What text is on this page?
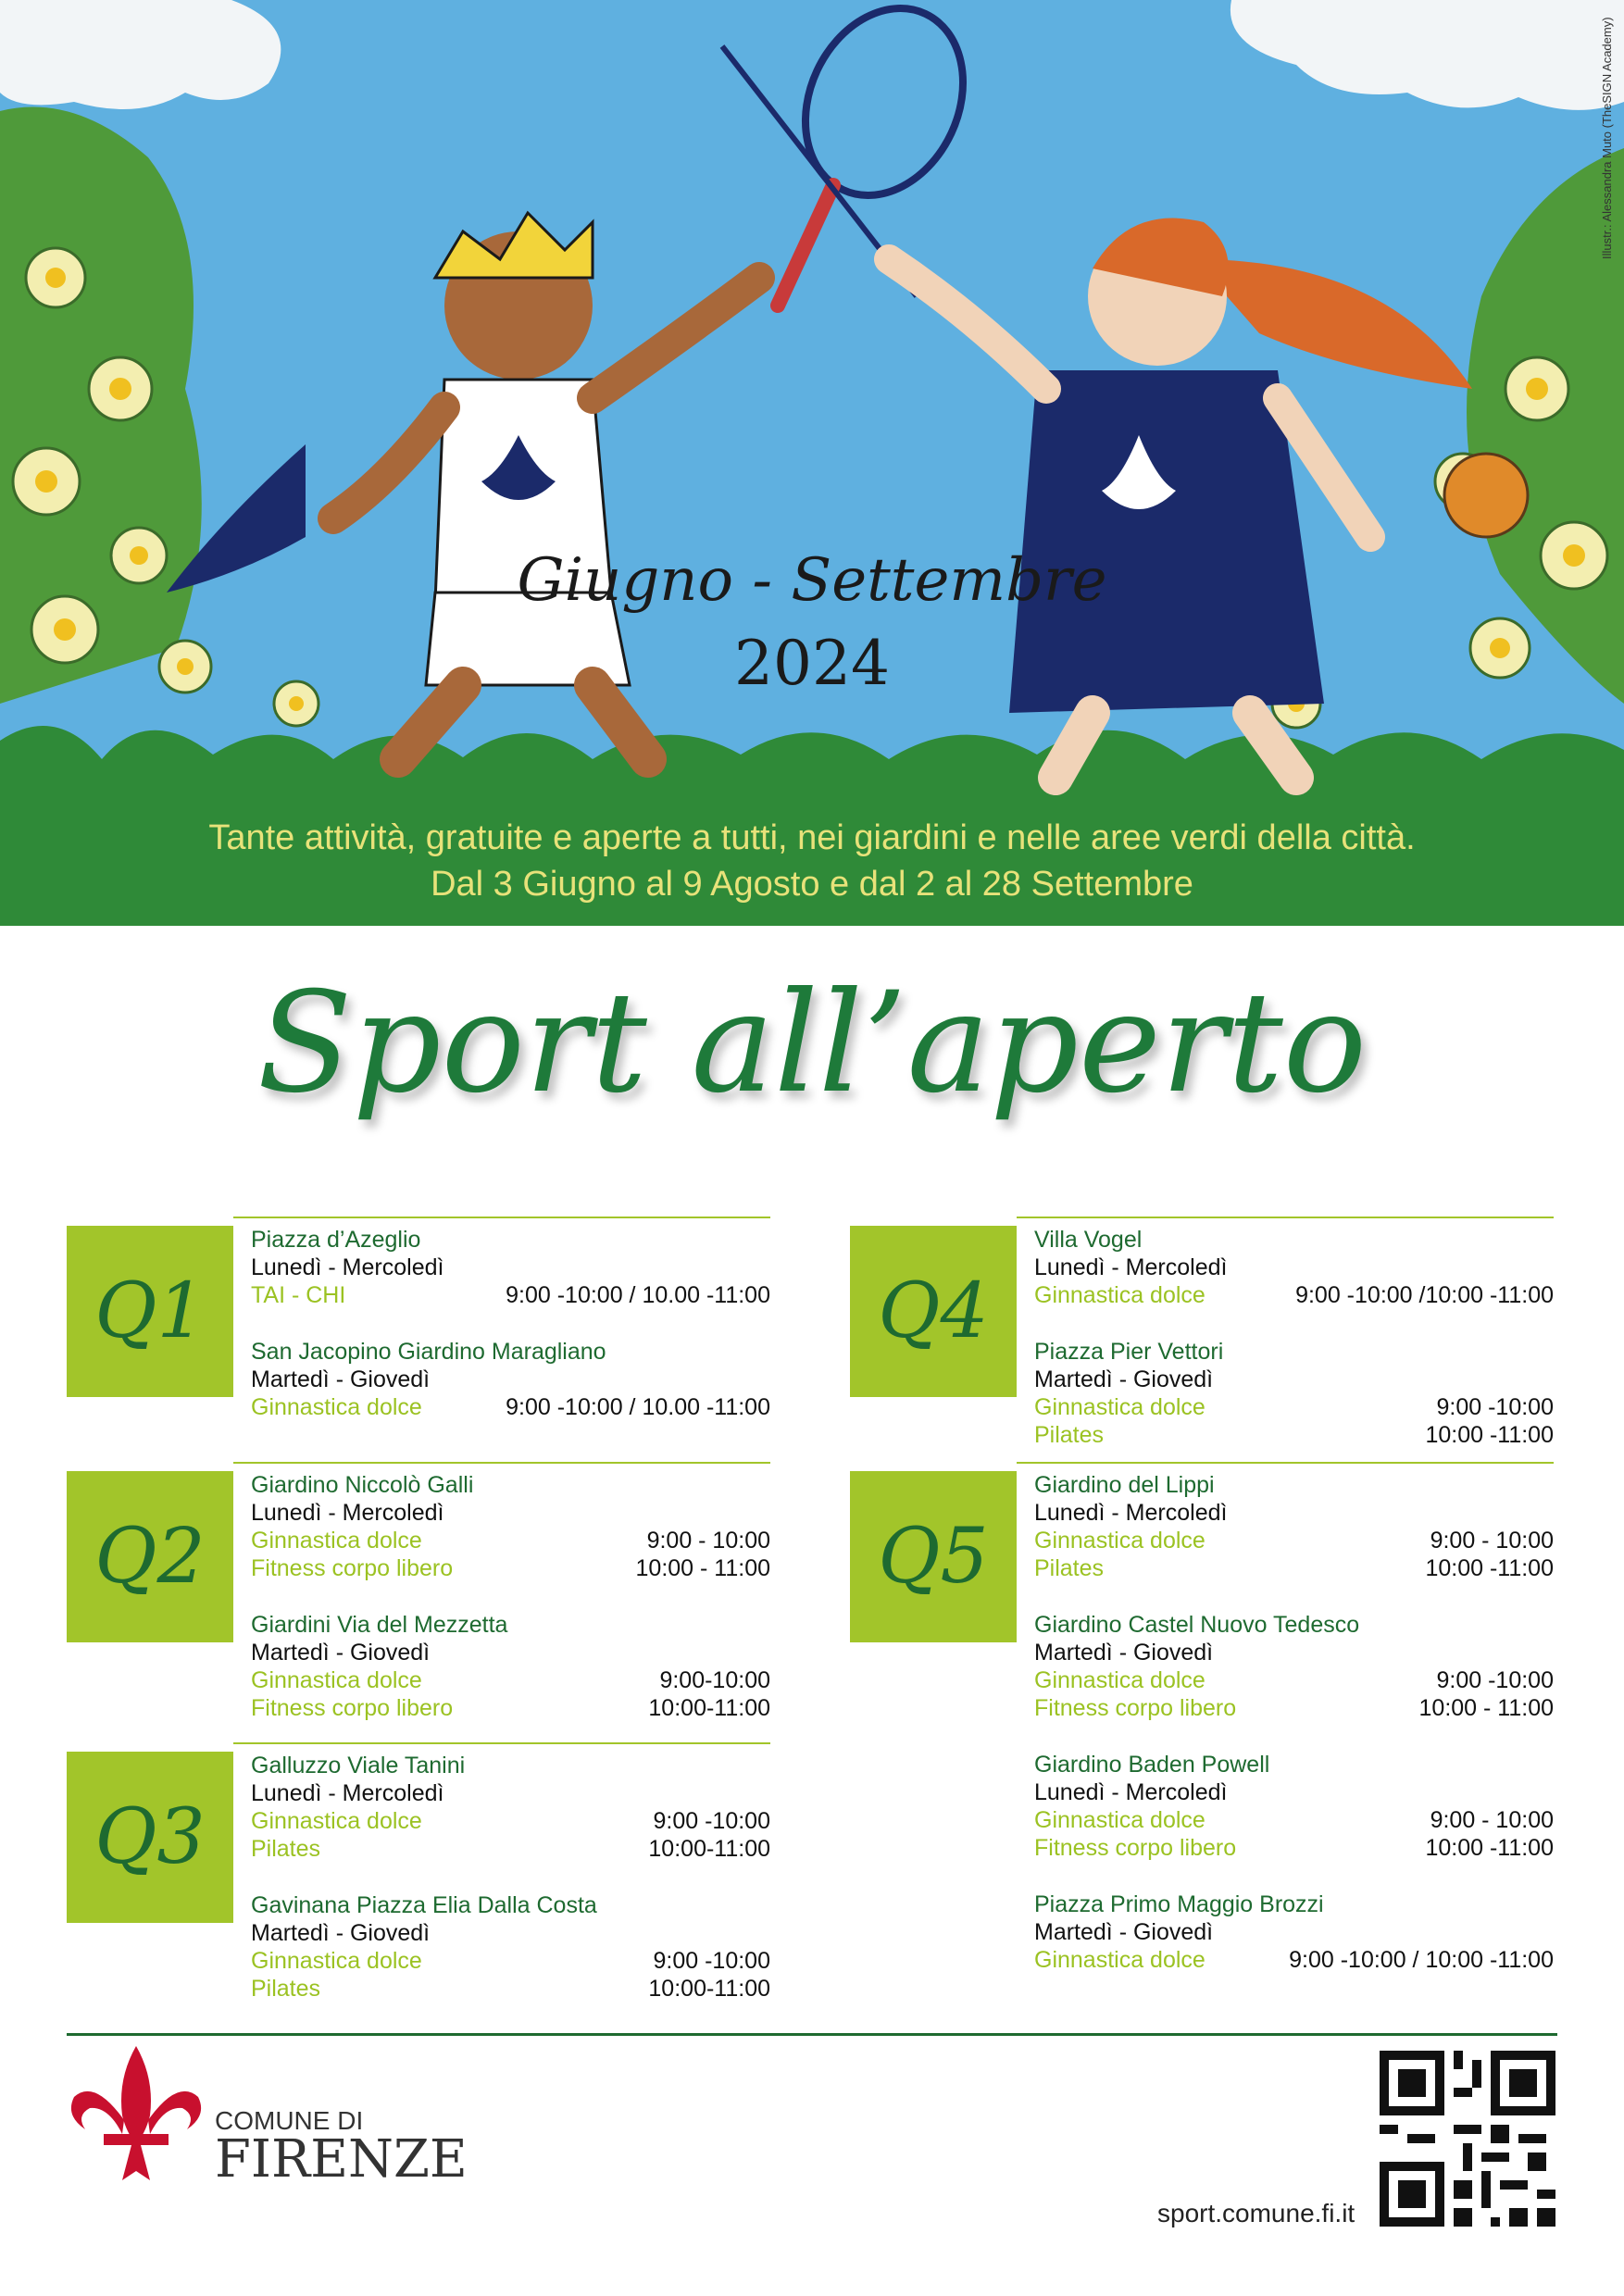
Giugno - Settembre
2024
Tante attività, gratuite e aperte a tutti, nei giardini e nelle aree verdi della città.
Dal 3 Giugno al 9 Agosto e dal 2 al 28 Settembre
Illustr.: Alessandra Muto (TheSIGN Academy)
Sport all’aperto
Q1
Piazza d’Azeglio
Lunedì - Mercoledì
TAI - CHI	9:00 -10:00 / 10.00 -11:00
San Jacopino Giardino Maragliano
Martedì - Giovedì
Ginnastica dolce	9:00 -10:00 / 10.00 -11:00
Q2
Giardino Niccolò Galli
Lunedì - Mercoledì
Ginnastica dolce	9:00 - 10:00
Fitness corpo libero	10:00 - 11:00
Giardini Via del Mezzetta
Martedì - Giovedì
Ginnastica dolce	9:00-10:00
Fitness corpo libero	10:00-11:00
Q3
Galluzzo Viale Tanini
Lunedì - Mercoledì
Ginnastica dolce	9:00 -10:00
Pilates	10:00-11:00
Gavinana Piazza Elia Dalla Costa
Martedì - Giovedì
Ginnastica dolce	9:00 -10:00
Pilates	10:00-11:00
Q4
Villa Vogel
Lunedì - Mercoledì
Ginnastica dolce	9:00 -10:00 /10:00 -11:00
Piazza Pier Vettori
Martedì - Giovedì
Ginnastica dolce	9:00 -10:00
Pilates	10:00 -11:00
Q5
Giardino del Lippi
Lunedì - Mercoledì
Ginnastica dolce	9:00 - 10:00
Pilates	10:00 -11:00
Giardino Castel Nuovo Tedesco
Martedì - Giovedì
Ginnastica dolce	9:00 -10:00
Fitness corpo libero	10:00 - 11:00
Giardino Baden Powell
Lunedì - Mercoledì
Ginnastica dolce	9:00 - 10:00
Fitness corpo libero	10:00 -11:00
Piazza Primo Maggio Brozzi
Martedì - Giovedì
Ginnastica dolce	9:00 -10:00 / 10:00 -11:00
COMUNE DI
FIRENZE
sport.comune.fi.it
